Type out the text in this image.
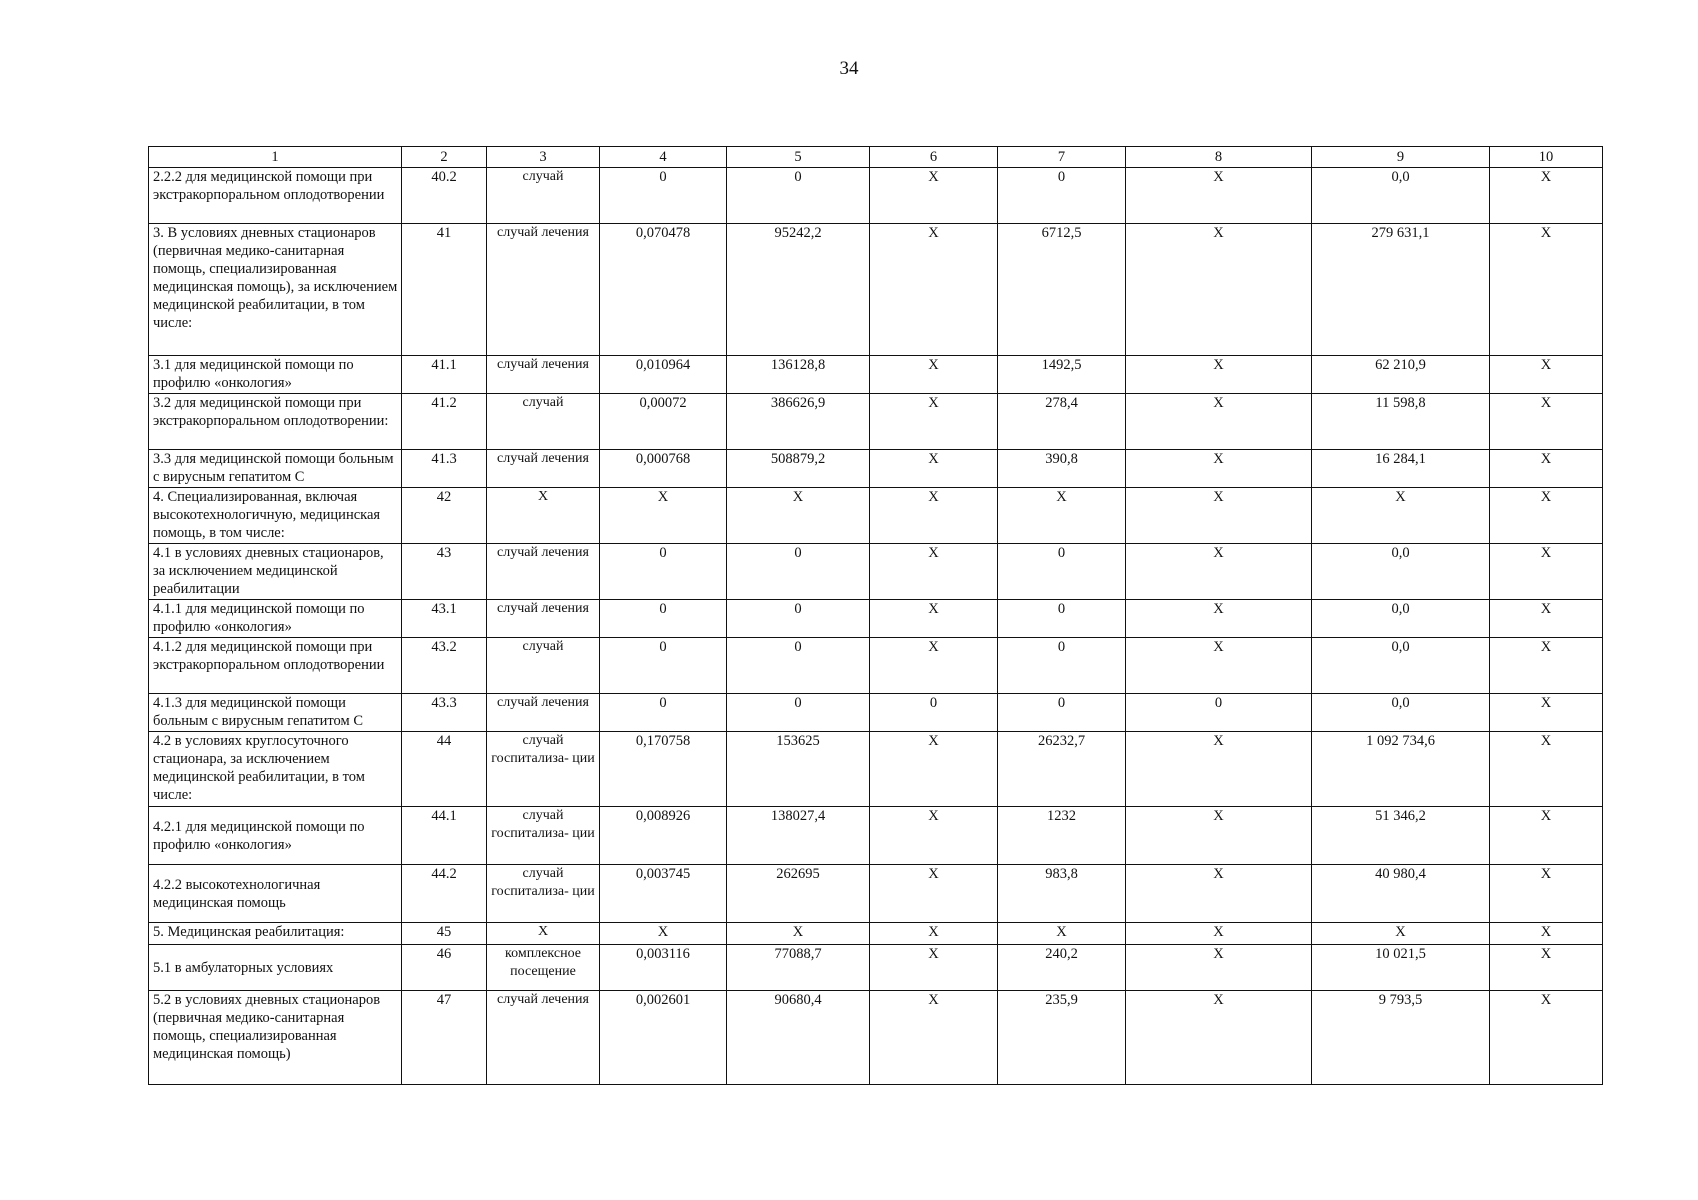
34
1	2	3	4	5	6	7	8	9	10
2.2.2 для медицинской помощи при экстракорпоральном оплодотворении	40.2	случай	0	0	X	0	X	0,0	X
3. В условиях дневных стационаров (первичная медико-санитарная помощь, специализированная медицинская помощь), за исключением медицинской реабилитации, в том числе:	41	случай лечения	0,070478	95242,2	X	6712,5	X	279 631,1	X
3.1 для медицинской помощи по профилю «онкология»	41.1	случай лечения	0,010964	136128,8	X	1492,5	X	62 210,9	X
3.2 для медицинской помощи при экстракорпоральном оплодотворении:	41.2	случай	0,00072	386626,9	X	278,4	X	11 598,8	X
3.3 для медицинской помощи больным с вирусным гепатитом С	41.3	случай лечения	0,000768	508879,2	X	390,8	X	16 284,1	X
4. Специализированная, включая высокотехнологичную, медицинская помощь, в том числе:	42	X	X	X	X	X	X	X	X
4.1 в условиях дневных стационаров, за исключением медицинской реабилитации	43	случай лечения	0	0	X	0	X	0,0	X
4.1.1 для медицинской помощи по профилю «онкология»	43.1	случай лечения	0	0	X	0	X	0,0	X
4.1.2 для медицинской помощи при экстракорпоральном оплодотворении	43.2	случай	0	0	X	0	X	0,0	X
4.1.3 для медицинской помощи больным с вирусным гепатитом С	43.3	случай лечения	0	0	0	0	0	0,0	X
4.2 в условиях круглосуточного стационара, за исключением медицинской реабилитации, в том числе:	44	случай госпитализа- ции	0,170758	153625	X	26232,7	X	1 092 734,6	X
4.2.1 для медицинской помощи по профилю «онкология»	44.1	случай госпитализа- ции	0,008926	138027,4	X	1232	X	51 346,2	X
4.2.2 высокотехнологичная медицинская помощь	44.2	случай госпитализа- ции	0,003745	262695	X	983,8	X	40 980,4	X
5. Медицинская реабилитация:	45	X	X	X	X	X	X	X	X
5.1 в амбулаторных условиях	46	комплексное посещение	0,003116	77088,7	X	240,2	X	10 021,5	X
5.2 в условиях дневных стационаров (первичная медико-санитарная помощь, специализированная медицинская помощь)	47	случай лечения	0,002601	90680,4	X	235,9	X	9 793,5	X
